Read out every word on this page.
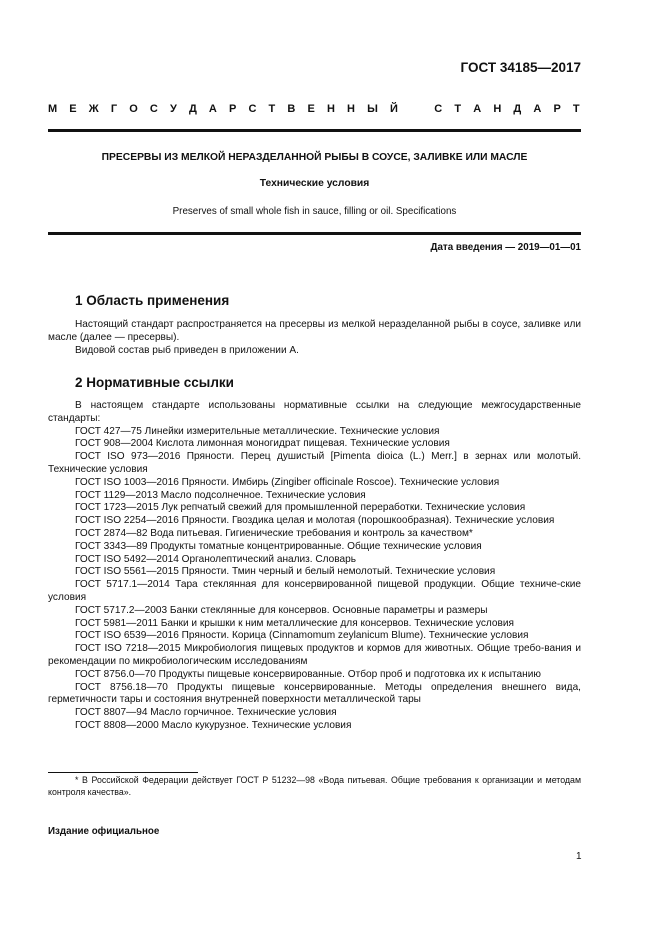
ГОСТ 34185—2017
М Е Ж Г О С У Д А Р С Т В Е Н Н Ы Й	С Т А Н Д А Р Т
ПРЕСЕРВЫ ИЗ МЕЛКОЙ НЕРАЗДЕЛАННОЙ РЫБЫ В СОУСЕ, ЗАЛИВКЕ ИЛИ МАСЛЕ
Технические условия
Preserves of small whole fish in sauce, filling or oil. Specifications
Дата введения — 2019—01—01
1 Область применения

Настоящий стандарт распространяется на пресервы из мелкой неразделанной рыбы в соусе, заливке или масле (далее — пресервы).

Видовой состав рыб приведен в приложении А.

2 Нормативные ссылки

В настоящем стандарте использованы нормативные ссылки на следующие межгосударственные стандарты:

ГОСТ 427—75 Линейки измерительные металлические. Технические условия

ГОСТ 908—2004 Кислота лимонная моногидрат пищевая. Технические условия

ГОСТ ISO 973—2016 Пряности. Перец душистый [Pimenta dioica (L.) Merr.] в зернах или молотый. Технические условия

ГОСТ ISO 1003—2016 Пряности. Имбирь (Zingiber officinale Roscoe). Технические условия

ГОСТ 1129—2013 Масло подсолнечное. Технические условия

ГОСТ 1723—2015 Лук репчатый свежий для промышленной переработки. Технические условия

ГОСТ ISO 2254—2016 Пряности. Гвоздика целая и молотая (порошкообразная). Технические условия

ГОСТ 2874—82 Вода питьевая. Гигиенические требования и контроль за качеством*

ГОСТ 3343—89 Продукты томатные концентрированные. Общие технические условия

ГОСТ ISO 5492—2014 Органолептический анализ. Словарь

ГОСТ ISO 5561—2015 Пряности. Тмин черный и белый немолотый. Технические условия

ГОСТ 5717.1—2014 Тара стеклянная для консервированной пищевой продукции. Общие техниче-ские условия

ГОСТ 5717.2—2003 Банки стеклянные для консервов. Основные параметры и размеры

ГОСТ 5981—2011 Банки и крышки к ним металлические для консервов. Технические условия

ГОСТ ISO 6539—2016 Пряности. Корица (Cinnamomum zeylanicum Blume). Технические условия

ГОСТ ISO 7218—2015 Микробиология пищевых продуктов и кормов для животных. Общие требо-вания и рекомендации по микробиологическим исследованиям

ГОСТ 8756.0—70 Продукты пищевые консервированные. Отбор проб и подготовка их к испытанию

ГОСТ 8756.18—70 Продукты пищевые консервированные. Методы определения внешнего вида, герметичности тары и состояния внутренней поверхности металлической тары

ГОСТ 8807—94 Масло горчичное. Технические условия

ГОСТ 8808—2000 Масло кукурузное. Технические условия

* В Российской Федерации действует ГОСТ Р 51232—98 «Вода питьевая. Общие требования к организации и методам контроля качества».

Издание официальное
1
